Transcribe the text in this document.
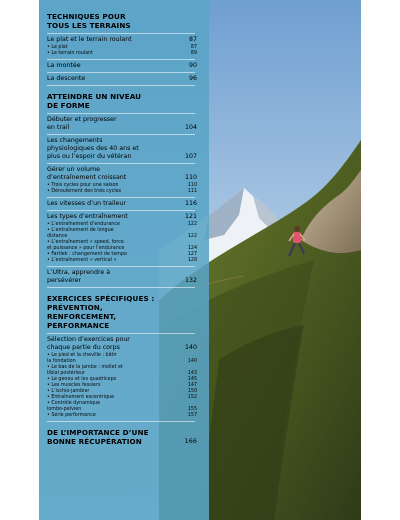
TECHNIQUES POUR
TOUS LES TERRAINS
Le plat et le terrain roulant	87
• Le plat	87
• Le terrain roulant	89
La montée	90
La descente	96
ATTEINDRE UN NIVEAU
DE FORME
Débuter et progresser
en trail	104
Les changements
physiologiques des 40 ans et
plus ou l’espoir du vétéran	107
Gérer un volume
d’entraînement croissant	110
• Trois cycles pour une saison	110
• Déroulement des trois cycles	111
Les vitesses d’un traileur	116
Les types d’entraînement	121
• L’entraînement d’endurance	122
• L’entraînement de longue
distance	122
• L’entraînement « speed, force
et puissance » pour l’endurance	124
• Fartlek : changement de tempo	127
• L’entraînement « vertical »	128
L’Ultra, apprendre à
persévérer	132
EXERCICES SPÉCIFIQUES :
PRÉVENTION,
RENFORCEMENT,
PERFORMANCE
Sélection d’exercices pour
chaque partie du corps	140
• Le pied et la cheville : bâtir
la fondation	140
• Le bas de la jambe : mollet et
tibial postérieur	143
• Le genou et les quadriceps	145
• Les muscles fessiers	147
• L’ischio-jambier	150
• Entraînement excentrique	152
• Contrôle dynamique
lombo-pelvien	155
• Série performance	157
DE L’IMPORTANCE D’UNE
BONNE RÉCUPÉRATION	166
